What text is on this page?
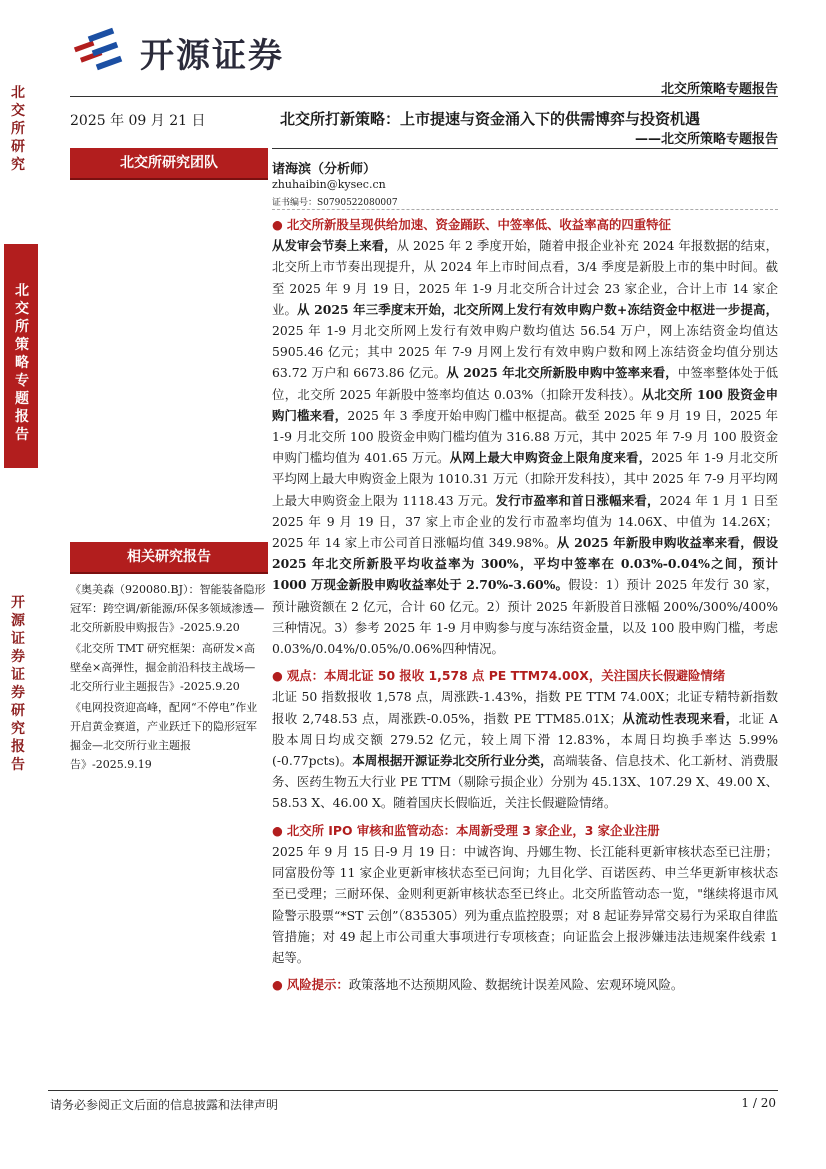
开源证券
北交所策略专题报告
北交所研究
北交所策略专题报告
开源证券
证券研究报告
2025 年 09 月 21 日
北交所研究团队
相关研究报告
《奥美森（920080.BJ）：智能装备隐形冠军：跨空调/新能源/环保多领域渗透—北交所新股申购报告》-2025.9.20
《北交所 TMT 研究框架：高研发×高壁垒×高弹性，掘金前沿科技主战场—北交所行业主题报告》-2025.9.20
《电网投资迎高峰，配网“不停电”作业开启黄金赛道，产业跃迁下的隐形冠军掘金—北交所行业主题报告》-2025.9.19
北交所打新策略：上市提速与资金涌入下的供需博弈与投资机遇
——北交所策略专题报告
诸海滨（分析师）
zhuhaibin@kysec.cn
证书编号：S0790522080007
● 北交所新股呈现供给加速、资金踊跃、中签率低、收益率高的四重特征

从发审会节奏上来看，从 2025 年 2 季度开始，随着申报企业补充 2024 年报数据的结束，北交所上市节奏出现提升，从 2024 年上市时间点看，3/4 季度是新股上市的集中时间。截至 2025 年 9 月 19 日，2025 年 1-9 月北交所合计过会 23 家企业，合计上市 14 家企业。从 2025 年三季度末开始，北交所网上发行有效申购户数+冻结资金中枢进一步提高，2025 年 1-9 月北交所网上发行有效申购户数均值达 56.54 万户，网上冻结资金均值达 5905.46 亿元；其中 2025 年 7-9 月网上发行有效申购户数和网上冻结资金均值分别达 63.72 万户和 6673.86 亿元。从 2025 年北交所新股申购中签率来看，中签率整体处于低位，北交所 2025 年新股中签率均值达 0.03%（扣除开发科技）。从北交所 100 股资金申购门槛来看，2025 年 3 季度开始申购门槛中枢提高。截至 2025 年 9 月 19 日，2025 年 1-9 月北交所 100 股资金申购门槛均值为 316.88 万元，其中 2025 年 7-9 月 100 股资金申购门槛均值为 401.65 万元。从网上最大申购资金上限角度来看，2025 年 1-9 月北交所平均网上最大申购资金上限为 1010.31 万元（扣除开发科技），其中 2025 年 7-9 月平均网上最大申购资金上限为 1118.43 万元。发行市盈率和首日涨幅来看，2024 年 1 月 1 日至 2025 年 9 月 19 日，37 家上市企业的发行市盈率均值为 14.06X、中值为 14.26X；2025 年 14 家上市公司首日涨幅均值 349.98%。从 2025 年新股申购收益率来看，假设 2025 年北交所新股平均收益率为 300%，平均中签率在 0.03%-0.04%之间，预计 1000 万现金新股申购收益率处于 2.70%-3.60%。假设：1）预计 2025 年发行 30 家，预计融资额在 2 亿元，合计 60 亿元。2）预计 2025 年新股首日涨幅 200%/300%/400%三种情况。3）参考 2025 年 1-9 月申购参与度与冻结资金量，以及 100 股申购门槛，考虑 0.03%/0.04%/0.05%/0.06%四种情况。

● 观点：本周北证 50 报收 1,578 点 PE TTM74.00X，关注国庆长假避险情绪

北证 50 指数报收 1,578 点，周涨跌-1.43%，指数 PE TTM 74.00X；北证专精特新指数报收 2,748.53 点，周涨跌-0.05%，指数 PE TTM85.01X；从流动性表现来看，北证 A 股本周日均成交额 279.52 亿元，较上周下滑 12.83%，本周日均换手率达 5.99% (-0.77pcts)。本周根据开源证券北交所行业分类，高端装备、信息技术、化工新材、消费服务、医药生物五大行业 PE TTM（剔除亏损企业）分别为 45.13X、107.29 X、49.00 X、58.53 X、46.00 X。随着国庆长假临近，关注长假避险情绪。

● 北交所 IPO 审核和监管动态：本周新受理 3 家企业，3 家企业注册

2025 年 9 月 15 日-9 月 19 日：中诚咨询、丹娜生物、长江能科更新审核状态至已注册；同富股份等 11 家企业更新审核状态至已问询；九目化学、百诺医药、申兰华更新审核状态至已受理；三耐环保、金则利更新审核状态至已终止。北交所监管动态一览，"继续将退市风险警示股票“*ST 云创”（835305）列为重点监控股票；对 8 起证券异常交易行为采取自律监管措施；对 49 起上市公司重大事项进行专项核查；向证监会上报涉嫌违法违规案件线索 1 起等。

● 风险提示：政策落地不达预期风险、数据统计误差风险、宏观环境风险。
请务必参阅正文后面的信息披露和法律声明	1 / 20
